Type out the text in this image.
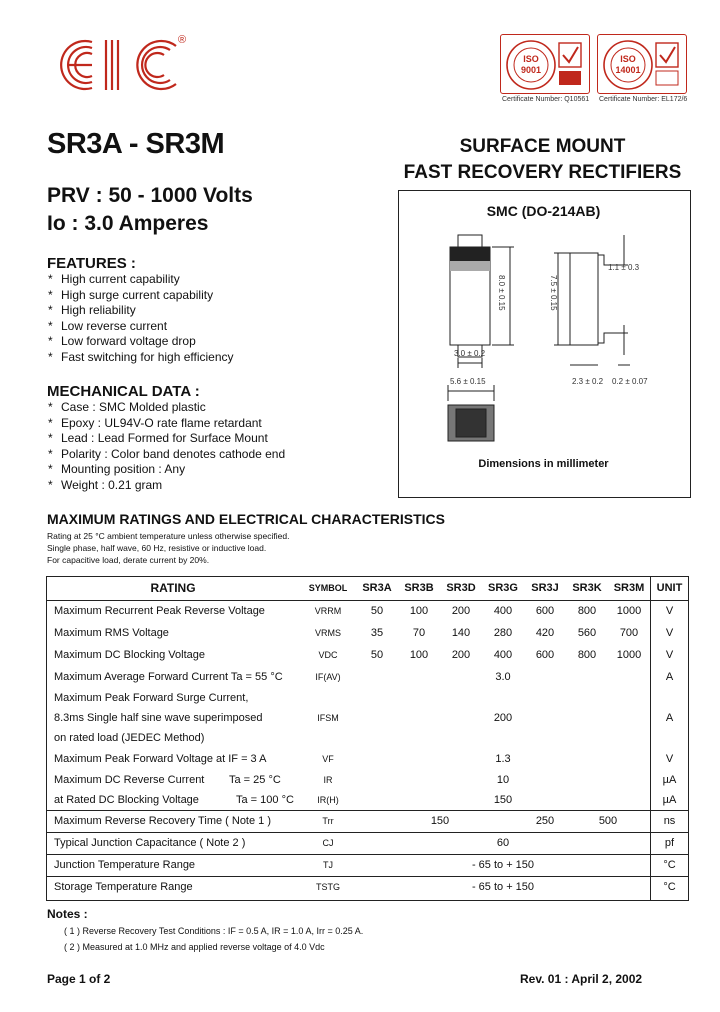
EIC
®
ISO
9001
Certificate Number: Q10561
ISO
14001
Certificate Number: EL172/6
SR3A - SR3M
PRV : 50 - 1000 Volts
Io : 3.0 Amperes
SURFACE MOUNT
FAST RECOVERY RECTIFIERS
FEATURES :
* High current capability
* High surge current capability
* High reliability
* Low reverse current
* Low forward voltage drop
* Fast switching for high efficiency
MECHANICAL DATA :
* Case : SMC Molded plastic
* Epoxy : UL94V-O rate flame retardant
* Lead : Lead Formed for Surface Mount
* Polarity : Color band denotes cathode end
* Mounting position : Any
* Weight : 0.21 gram
SMC (DO-214AB)
1.1 ± 0.3
8.0 ± 0.15	7.5 ± 0.15
3.0 ± 0.2
5.6 ± 0.15	2.3 ± 0.2 0.2 ± 0.07
Dimensions in millimeter
MAXIMUM RATINGS AND ELECTRICAL CHARACTERISTICS
Rating at 25 °C ambient temperature unless otherwise specified.
Single phase, half wave, 60 Hz, resistive or inductive load.
For capacitive load, derate current by 20%.
RATING	SYMBOL	SR3A	SR3B	SR3D	SR3G	SR3J	SR3K	SR3M	UNIT
Maximum Recurrent Peak Reverse Voltage	VRRM	50	100	200	400	600	800	1000	V
Maximum RMS Voltage	VRMS	35	70	140	280	420	560	700	V
Maximum DC Blocking Voltage	VDC	50	100	200	400	600	800	1000	V
Maximum Average Forward Current Ta = 55 °C	IF(AV)	3.0							A
Maximum Peak Forward Surge Current,									
8.3ms Single half sine wave superimposed	IFSM	200							A
on rated load (JEDEC Method)									
Maximum Peak Forward Voltage at IF = 3 A	VF	1.3							V
Maximum DC Reverse Current Ta = 25 °C	IR	10							µA
at Rated DC Blocking Voltage Ta = 100 °C	IR(H)	150							µA
Maximum Reverse Recovery Time ( Note 1 )	Trr	150				250	500		ns
Typical Junction Capacitance ( Note 2 )	CJ	60							pf
Junction Temperature Range	TJ	- 65 to + 150							°C
Storage Temperature Range	TSTG	- 65 to + 150							°C
Notes :
( 1 ) Reverse Recovery Test Conditions : IF = 0.5 A, IR = 1.0 A, Irr = 0.25 A.
( 2 ) Measured at 1.0 MHz and applied reverse voltage of 4.0 Vdc
Page 1 of 2	Rev. 01 : April 2, 2002
